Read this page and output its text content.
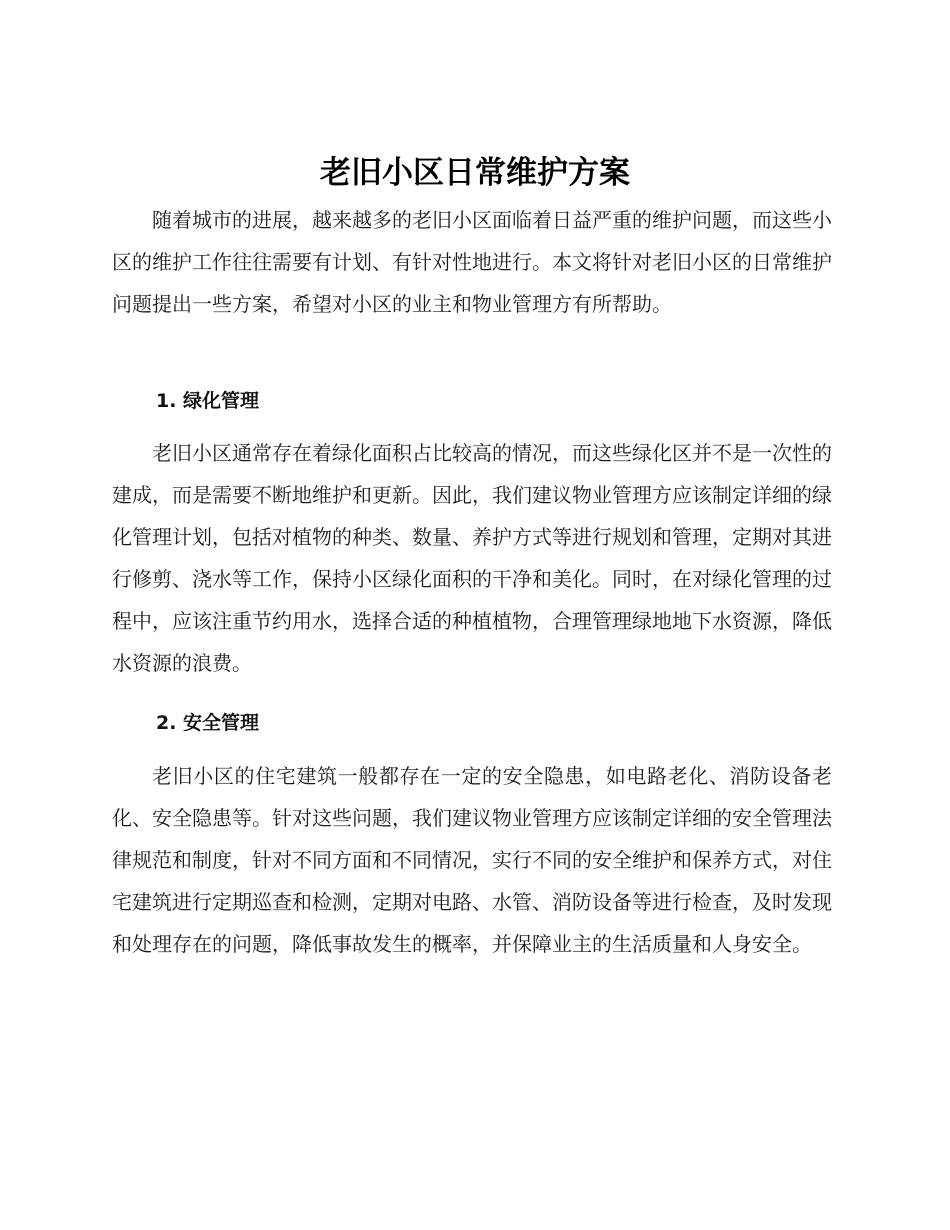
老旧小区日常维护方案

随着城市的进展，越来越多的老旧小区面临着日益严重的维护问题，而这些小区的维护工作往往需要有计划、有针对性地进行。本文将针对老旧小区的日常维护问题提出一些方案，希望对小区的业主和物业管理方有所帮助。

1. 绿化管理

老旧小区通常存在着绿化面积占比较高的情况，而这些绿化区并不是一次性的建成，而是需要不断地维护和更新。因此，我们建议物业管理方应该制定详细的绿化管理计划，包括对植物的种类、数量、养护方式等进行规划和管理，定期对其进行修剪、浇水等工作，保持小区绿化面积的干净和美化。同时，在对绿化管理的过程中，应该注重节约用水，选择合适的种植植物，合理管理绿地地下水资源，降低水资源的浪费。

2. 安全管理

老旧小区的住宅建筑一般都存在一定的安全隐患，如电路老化、消防设备老化、安全隐患等。针对这些问题，我们建议物业管理方应该制定详细的安全管理法律规范和制度，针对不同方面和不同情况，实行不同的安全维护和保养方式，对住宅建筑进行定期巡查和检测，定期对电路、水管、消防设备等进行检查，及时发现和处理存在的问题，降低事故发生的概率，并保障业主的生活质量和人身安全。
